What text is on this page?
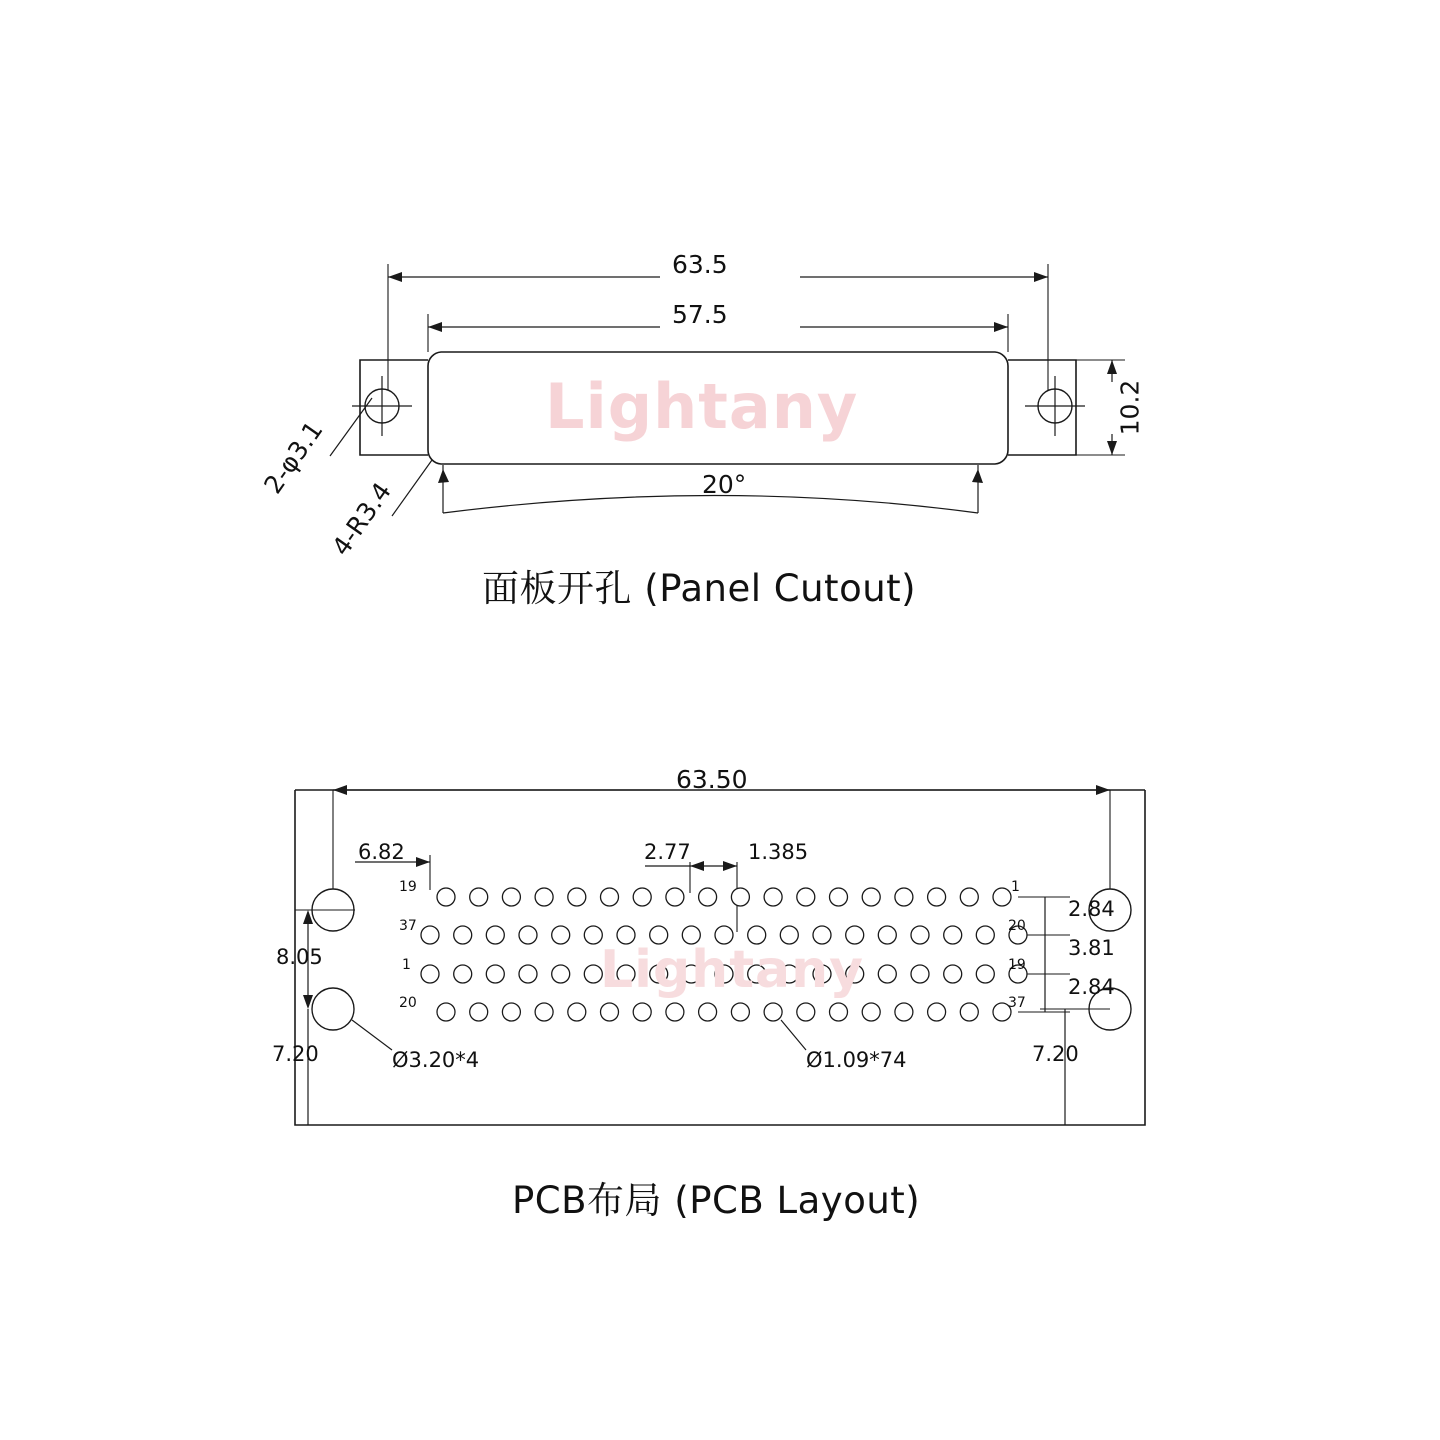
Lightany
Lightany
63.5
57.5
10.2
20°
2-φ3.1
4-R3.4
面板开孔 (Panel Cutout)
63.50
6.82	2.77	1.385
2.84
3.81
2.84
8.05
7.20	7.20
Ø3.20*4	Ø1.09*74
19
37
1
20
1
20
19
37
PCB布局 (PCB Layout)
